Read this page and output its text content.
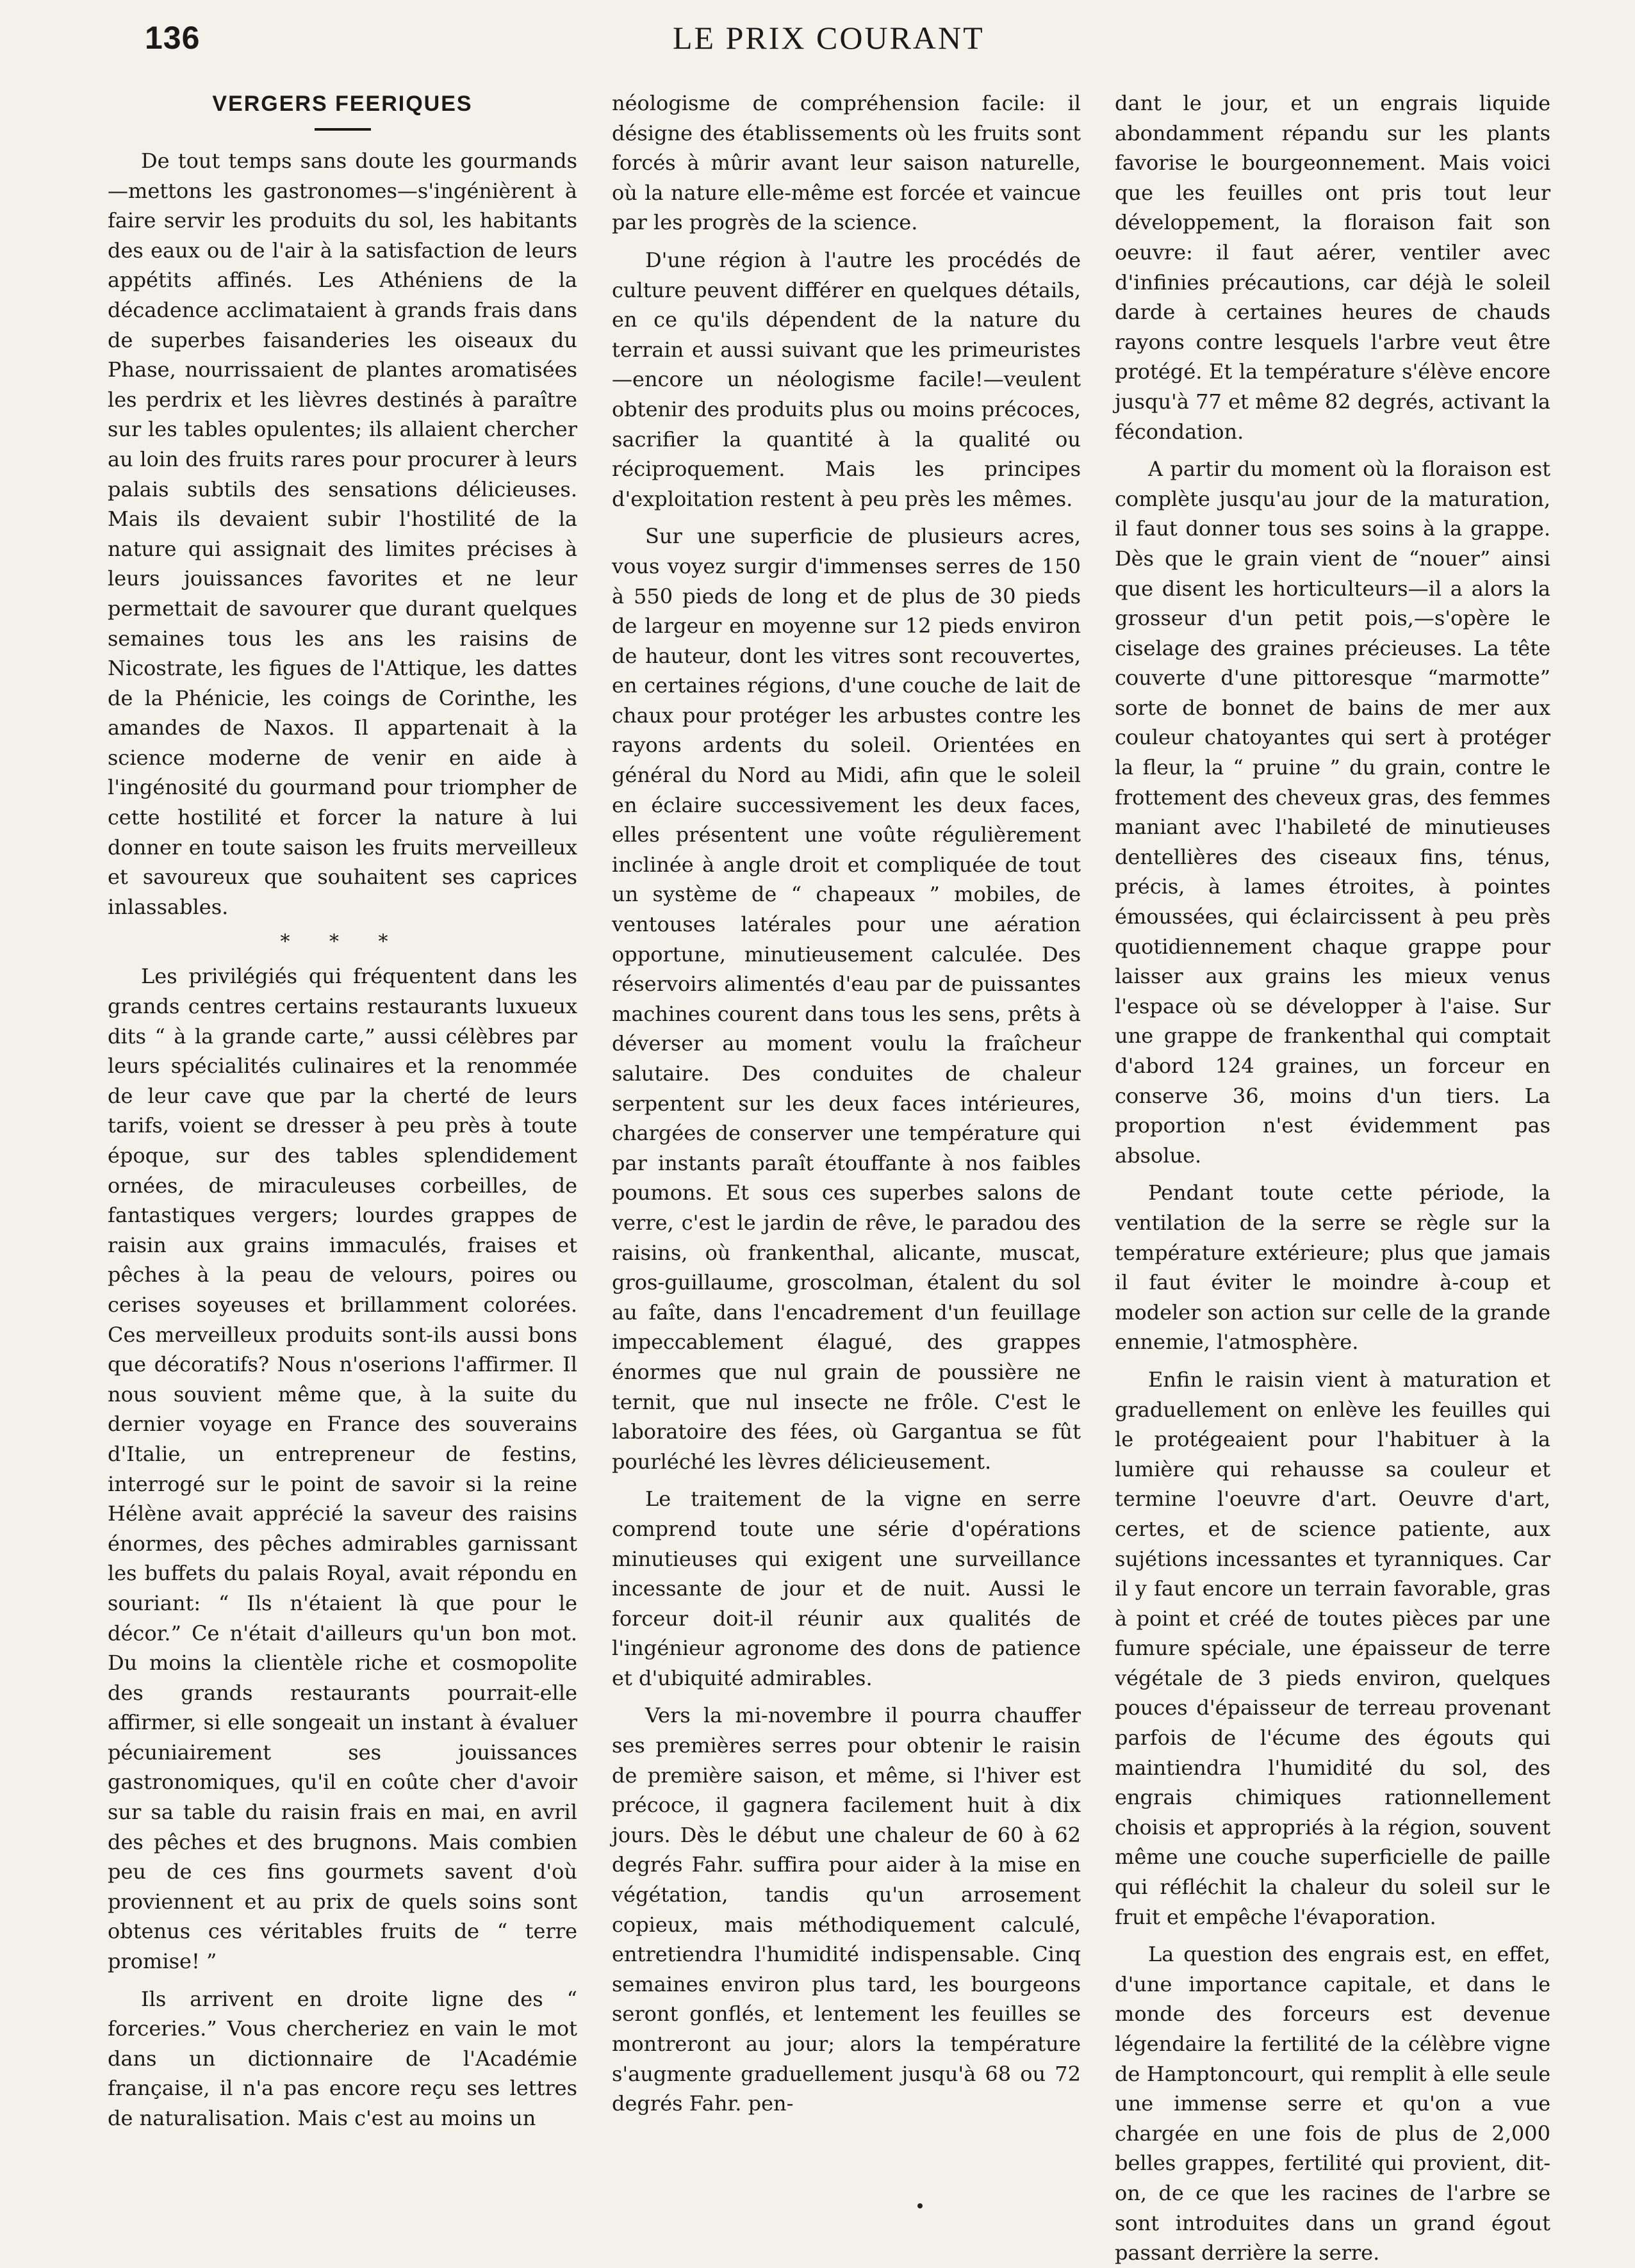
136	LE PRIX COURANT
VERGERS FEERIQUES

De tout temps sans doute les gourmands—mettons les gastronomes—s'ingénièrent à faire servir les produits du sol, les habitants des eaux ou de l'air à la satisfaction de leurs appétits affinés. Les Athéniens de la décadence acclimataient à grands frais dans de superbes faisanderies les oiseaux du Phase, nourrissaient de plantes aromatisées les perdrix et les lièvres destinés à paraître sur les tables opulentes; ils allaient chercher au loin des fruits rares pour procurer à leurs palais subtils des sensations délicieuses. Mais ils devaient subir l'hostilité de la nature qui assignait des limites précises à leurs jouissances favorites et ne leur permettait de savourer que durant quelques semaines tous les ans les raisins de Nicostrate, les figues de l'Attique, les dattes de la Phénicie, les coings de Corinthe, les amandes de Naxos. Il appartenait à la science moderne de venir en aide à l'ingénosité du gourmand pour triompher de cette hostilité et forcer la nature à lui donner en toute saison les fruits merveilleux et savoureux que souhaitent ses caprices inlassables.

* * *

Les privilégiés qui fréquentent dans les grands centres certains restaurants luxueux dits “ à la grande carte,” aussi célèbres par leurs spécialités culinaires et la renommée de leur cave que par la cherté de leurs tarifs, voient se dresser à peu près à toute époque, sur des tables splendidement ornées, de miraculeuses corbeilles, de fantastiques vergers; lourdes grappes de raisin aux grains immaculés, fraises et pêches à la peau de velours, poires ou cerises soyeuses et brillamment colorées. Ces merveilleux produits sont-ils aussi bons que décoratifs? Nous n'oserions l'affirmer. Il nous souvient même que, à la suite du dernier voyage en France des souverains d'Italie, un entrepreneur de festins, interrogé sur le point de savoir si la reine Hélène avait apprécié la saveur des raisins énormes, des pêches admirables garnissant les buffets du palais Royal, avait répondu en souriant: “ Ils n'étaient là que pour le décor.” Ce n'était d'ailleurs qu'un bon mot. Du moins la clientèle riche et cosmopolite des grands restaurants pourrait-elle affirmer, si elle songeait un instant à évaluer pécuniairement ses jouissances gastronomiques, qu'il en coûte cher d'avoir sur sa table du raisin frais en mai, en avril des pêches et des brugnons. Mais combien peu de ces fins gourmets savent d'où proviennent et au prix de quels soins sont obtenus ces véritables fruits de “ terre promise! ”

Ils arrivent en droite ligne des “ forceries.” Vous chercheriez en vain le mot dans un dictionnaire de l'Académie française, il n'a pas encore reçu ses lettres de naturalisation. Mais c'est au moins un

néologisme de compréhension facile: il désigne des établissements où les fruits sont forcés à mûrir avant leur saison naturelle, où la nature elle-même est forcée et vaincue par les progrès de la science.

D'une région à l'autre les procédés de culture peuvent différer en quelques détails, en ce qu'ils dépendent de la nature du terrain et aussi suivant que les primeuristes—encore un néologisme facile!—veulent obtenir des produits plus ou moins précoces, sacrifier la quantité à la qualité ou réciproquement. Mais les principes d'exploitation restent à peu près les mêmes.

Sur une superficie de plusieurs acres, vous voyez surgir d'immenses serres de 150 à 550 pieds de long et de plus de 30 pieds de largeur en moyenne sur 12 pieds environ de hauteur, dont les vitres sont recouvertes, en certaines régions, d'une couche de lait de chaux pour protéger les arbustes contre les rayons ardents du soleil. Orientées en général du Nord au Midi, afin que le soleil en éclaire successivement les deux faces, elles présentent une voûte régulièrement inclinée à angle droit et compliquée de tout un système de “ chapeaux ” mobiles, de ventouses latérales pour une aération opportune, minutieusement calculée. Des réservoirs alimentés d'eau par de puissantes machines courent dans tous les sens, prêts à déverser au moment voulu la fraîcheur salutaire. Des conduites de chaleur serpentent sur les deux faces intérieures, chargées de conserver une température qui par instants paraît étouffante à nos faibles poumons. Et sous ces superbes salons de verre, c'est le jardin de rêve, le paradou des raisins, où frankenthal, alicante, muscat, gros-guillaume, groscolman, étalent du sol au faîte, dans l'encadrement d'un feuillage impeccablement élagué, des grappes énormes que nul grain de poussière ne ternit, que nul insecte ne frôle. C'est le laboratoire des fées, où Gargantua se fût pourléché les lèvres délicieusement.

Le traitement de la vigne en serre comprend toute une série d'opérations minutieuses qui exigent une surveillance incessante de jour et de nuit. Aussi le forceur doit-il réunir aux qualités de l'ingénieur agronome des dons de patience et d'ubiquité admirables.

Vers la mi-novembre il pourra chauffer ses premières serres pour obtenir le raisin de première saison, et même, si l'hiver est précoce, il gagnera facilement huit à dix jours. Dès le début une chaleur de 60 à 62 degrés Fahr. suffira pour aider à la mise en végétation, tandis qu'un arrosement copieux, mais méthodiquement calculé, entretiendra l'humidité indispensable. Cinq semaines environ plus tard, les bourgeons seront gonflés, et lentement les feuilles se montreront au jour; alors la température s'augmente graduellement jusqu'à 68 ou 72 degrés Fahr. pen-

dant le jour, et un engrais liquide abondamment répandu sur les plants favorise le bourgeonnement. Mais voici que les feuilles ont pris tout leur développement, la floraison fait son oeuvre: il faut aérer, ventiler avec d'infinies précautions, car déjà le soleil darde à certaines heures de chauds rayons contre lesquels l'arbre veut être protégé. Et la température s'élève encore jusqu'à 77 et même 82 degrés, activant la fécondation.

A partir du moment où la floraison est complète jusqu'au jour de la maturation, il faut donner tous ses soins à la grappe. Dès que le grain vient de “nouer” ainsi que disent les horticulteurs—il a alors la grosseur d'un petit pois,—s'opère le ciselage des graines précieuses. La tête couverte d'une pittoresque “marmotte” sorte de bonnet de bains de mer aux couleur chatoyantes qui sert à protéger la fleur, la “ pruine ” du grain, contre le frottement des cheveux gras, des femmes maniant avec l'habileté de minutieuses dentellières des ciseaux fins, ténus, précis, à lames étroites, à pointes émoussées, qui éclaircissent à peu près quotidiennement chaque grappe pour laisser aux grains les mieux venus l'espace où se développer à l'aise. Sur une grappe de frankenthal qui comptait d'abord 124 graines, un forceur en conserve 36, moins d'un tiers. La proportion n'est évidemment pas absolue.

Pendant toute cette période, la ventilation de la serre se règle sur la température extérieure; plus que jamais il faut éviter le moindre à-coup et modeler son action sur celle de la grande ennemie, l'atmosphère.

Enfin le raisin vient à maturation et graduellement on enlève les feuilles qui le protégeaient pour l'habituer à la lumière qui rehausse sa couleur et termine l'oeuvre d'art. Oeuvre d'art, certes, et de science patiente, aux sujétions incessantes et tyranniques. Car il y faut encore un terrain favorable, gras à point et créé de toutes pièces par une fumure spéciale, une épaisseur de terre végétale de 3 pieds environ, quelques pouces d'épaisseur de terreau provenant parfois de l'écume des égouts qui maintiendra l'humidité du sol, des engrais chimiques rationnellement choisis et appropriés à la région, souvent même une couche superficielle de paille qui réfléchit la chaleur du soleil sur le fruit et empêche l'évaporation.

La question des engrais est, en effet, d'une importance capitale, et dans le monde des forceurs est devenue légendaire la fertilité de la célèbre vigne de Hamptoncourt, qui remplit à elle seule une immense serre et qu'on a vue chargée en une fois de plus de 2,000 belles grappes, fertilité qui provient, dit-on, de ce que les racines de l'arbre se sont introduites dans un grand égout passant derrière la serre.
